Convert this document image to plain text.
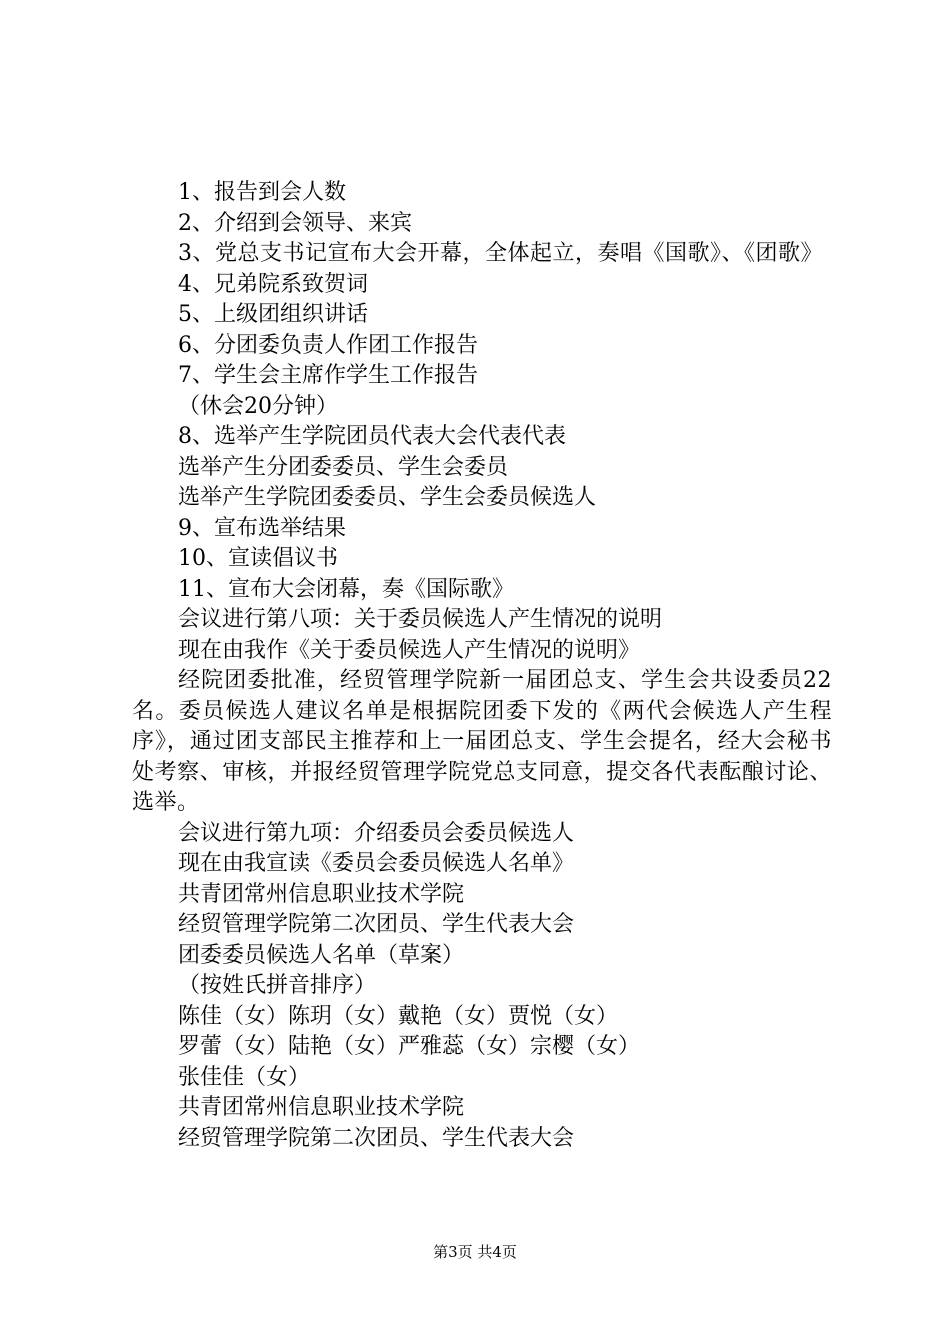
1、报告到会人数
2、介绍到会领导、来宾

3、党总支书记宣布大会开幕，全体起立，奏唱《国歌》、《团歌》

4、兄弟院系致贺词
5、上级团组织讲话
6、分团委负责人作团工作报告
7、学生会主席作学生工作报告
（休会20分钟）
8、选举产生学院团员代表大会代表代表
选举产生分团委委员、学生会委员
选举产生学院团委委员、学生会委员候选人
9、宣布选举结果
10、宣读倡议书
11、宣布大会闭幕，奏《国际歌》
会议进行第八项：关于委员候选人产生情况的说明
现在由我作《关于委员候选人产生情况的说明》

经院团委批准，经贸管理学院新一届团总支、学生会共设委员22名。委员候选人建议名单是根据院团委下发的《两代会候选人产生程序》，通过团支部民主推荐和上一届团总支、学生会提名，经大会秘书处考察、审核，并报经贸管理学院党总支同意，提交各代表酝酿讨论、选举。

会议进行第九项：介绍委员会委员候选人
现在由我宣读《委员会委员候选人名单》
共青团常州信息职业技术学院
经贸管理学院第二次团员、学生代表大会
团委委员候选人名单（草案）
（按姓氏拼音排序）
陈佳（女）陈玥（女）戴艳（女）贾悦（女）
罗蕾（女）陆艳（女）严雅蕊（女）宗樱（女）
张佳佳（女）
共青团常州信息职业技术学院
经贸管理学院第二次团员、学生代表大会
第3页 共4页
